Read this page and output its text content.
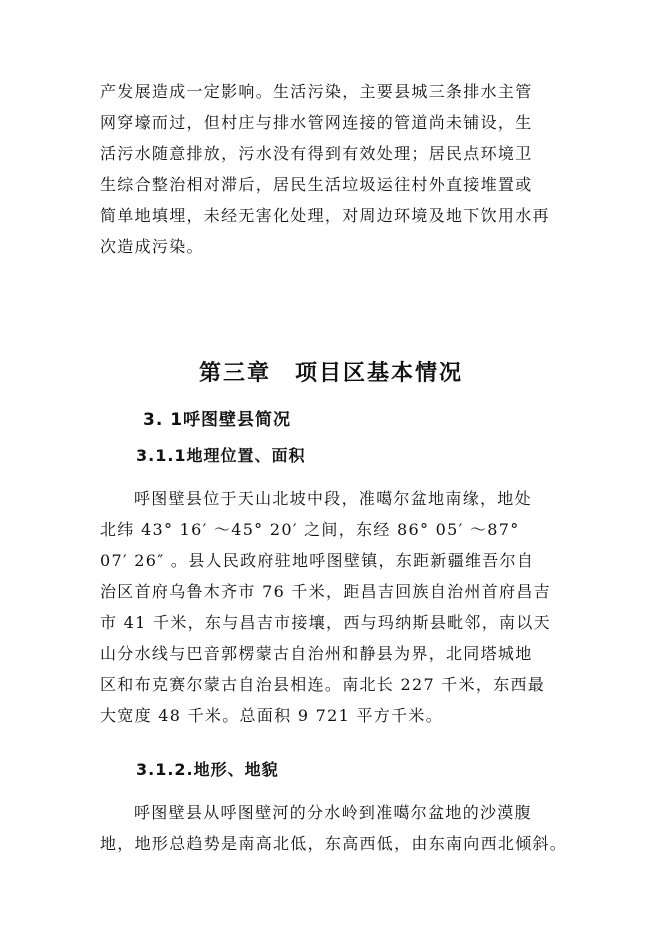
产发展造成一定影响。生活污染，主要县城三条排水主管
网穿壕而过，但村庄与排水管网连接的管道尚未铺设，生
活污水随意排放，污水没有得到有效处理；居民点环境卫
生综合整治相对滞后，居民生活垃圾运往村外直接堆置或
简单地填埋，未经无害化处理，对周边环境及地下饮用水再
次造成污染。

第三章　项目区基本情况
3. 1呼图壁县简况
3.1.1地理位置、面积

呼图壁县位于天山北坡中段，准噶尔盆地南缘，地处
北纬 43° 16′ ～45° 20′ 之间，东经 86° 05′ ～87°
07′ 26″ 。县人民政府驻地呼图壁镇，东距新疆维吾尔自
治区首府乌鲁木齐市 76 千米，距昌吉回族自治州首府昌吉
市 41 千米，东与昌吉市接壤，西与玛纳斯县毗邻，南以天
山分水线与巴音郭楞蒙古自治州和静县为界，北同塔城地
区和布克赛尔蒙古自治县相连。南北长 227 千米，东西最
大宽度 48 千米。总面积 9 721 平方千米。

3.1.2.地形、地貌

呼图壁县从呼图壁河的分水岭到准噶尔盆地的沙漠腹
地，地形总趋势是南高北低，东高西低，由东南向西北倾斜。
